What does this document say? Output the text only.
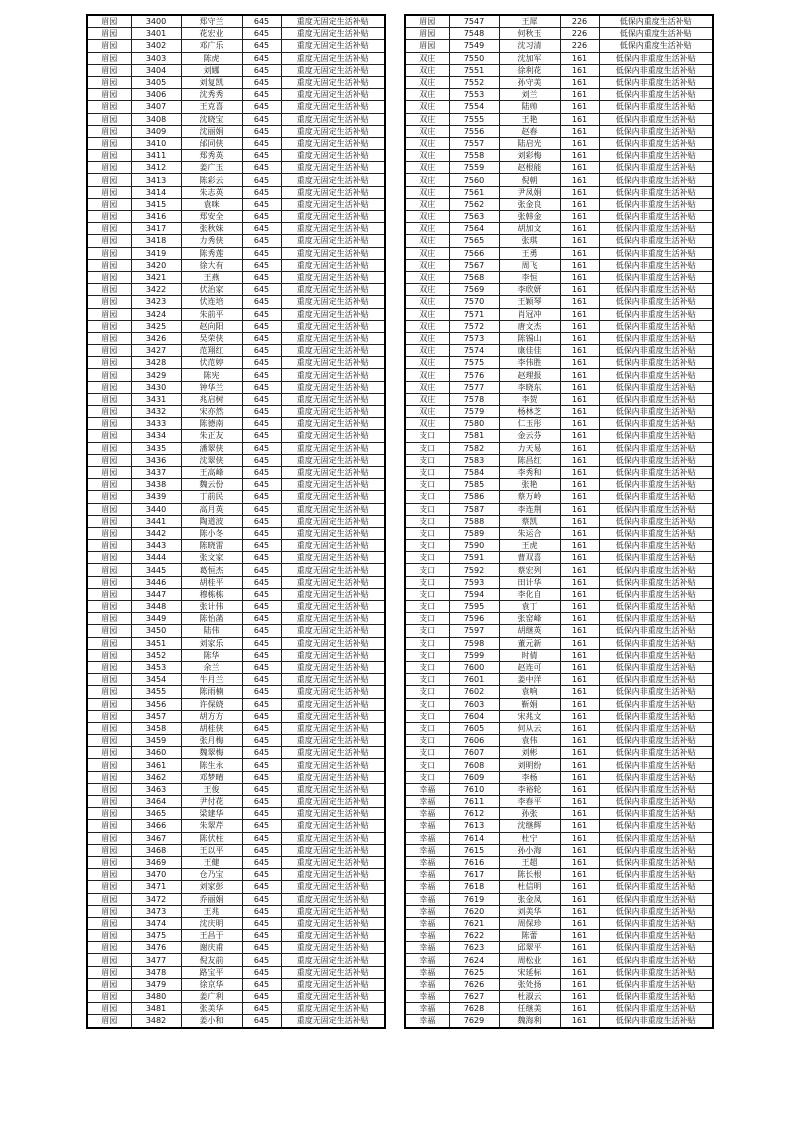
眉园	3400	郑守兰	645	重度无固定生活补贴
眉园	3401	花宏业	645	重度无固定生活补贴
眉园	3402	邓广乐	645	重度无固定生活补贴
眉园	3403	陈虎	645	重度无固定生活补贴
眉园	3404	刘娜	645	重度无固定生活补贴
眉园	3405	刘复凯	645	重度无固定生活补贴
眉园	3406	沈秀秀	645	重度无固定生活补贴
眉园	3407	王克喜	645	重度无固定生活补贴
眉园	3408	沈晓宝	645	重度无固定生活补贴
眉园	3409	沈丽娟	645	重度无固定生活补贴
眉园	3410	邰同侠	645	重度无固定生活补贴
眉园	3411	郑秀英	645	重度无固定生活补贴
眉园	3412	姜广玉	645	重度无固定生活补贴
眉园	3413	陈彩云	645	重度无固定生活补贴
眉园	3414	朱志英	645	重度无固定生活补贴
眉园	3415	袁咪	645	重度无固定生活补贴
眉园	3416	郑安全	645	重度无固定生活补贴
眉园	3417	张秋妹	645	重度无固定生活补贴
眉园	3418	力秀侠	645	重度无固定生活补贴
眉园	3419	陈秀莲	645	重度无固定生活补贴
眉园	3420	徐大有	645	重度无固定生活补贴
眉园	3421	王燕	645	重度无固定生活补贴
眉园	3422	伏治家	645	重度无固定生活补贴
眉园	3423	伏连培	645	重度无固定生活补贴
眉园	3424	朱前平	645	重度无固定生活补贴
眉园	3425	赵向阳	645	重度无固定生活补贴
眉园	3426	吴荣侠	645	重度无固定生活补贴
眉园	3427	范翔红	645	重度无固定生活补贴
眉园	3428	伏范婷	645	重度无固定生活补贴
眉园	3429	陈宪	645	重度无固定生活补贴
眉园	3430	钟华兰	645	重度无固定生活补贴
眉园	3431	兆启树	645	重度无固定生活补贴
眉园	3432	宋亦然	645	重度无固定生活补贴
眉园	3433	陈德南	645	重度无固定生活补贴
眉园	3434	朱正友	645	重度无固定生活补贴
眉园	3435	潘翠侠	645	重度无固定生活补贴
眉园	3436	沈翠侠	645	重度无固定生活补贴
眉园	3437	王高峰	645	重度无固定生活补贴
眉园	3438	魏云份	645	重度无固定生活补贴
眉园	3439	丁前民	645	重度无固定生活补贴
眉园	3440	高月英	645	重度无固定生活补贴
眉园	3441	陶道波	645	重度无固定生活补贴
眉园	3442	陈小冬	645	重度无固定生活补贴
眉园	3443	陈晓雷	645	重度无固定生活补贴
眉园	3444	张文家	645	重度无固定生活补贴
眉园	3445	葛恒杰	645	重度无固定生活补贴
眉园	3446	胡桂平	645	重度无固定生活补贴
眉园	3447	穆栋栋	645	重度无固定生活补贴
眉园	3448	张计伟	645	重度无固定生活补贴
眉园	3449	陈怡菡	645	重度无固定生活补贴
眉园	3450	陆伟	645	重度无固定生活补贴
眉园	3451	刘家乐	645	重度无固定生活补贴
眉园	3452	陈华	645	重度无固定生活补贴
眉园	3453	余兰	645	重度无固定生活补贴
眉园	3454	牛月兰	645	重度无固定生活补贴
眉园	3455	陈雨楠	645	重度无固定生活补贴
眉园	3456	许保娆	645	重度无固定生活补贴
眉园	3457	胡方方	645	重度无固定生活补贴
眉园	3458	胡桂侠	645	重度无固定生活补贴
眉园	3459	张月梅	645	重度无固定生活补贴
眉园	3460	魏翠梅	645	重度无固定生活补贴
眉园	3461	陈生永	645	重度无固定生活补贴
眉园	3462	邓梦晴	645	重度无固定生活补贴
眉园	3463	王俊	645	重度无固定生活补贴
眉园	3464	尹付花	645	重度无固定生活补贴
眉园	3465	梁建华	645	重度无固定生活补贴
眉园	3466	朱翠芹	645	重度无固定生活补贴
眉园	3467	陈伏柱	645	重度无固定生活补贴
眉园	3468	王以平	645	重度无固定生活补贴
眉园	3469	王健	645	重度无固定生活补贴
眉园	3470	仓乃宝	645	重度无固定生活补贴
眉园	3471	刘家彭	645	重度无固定生活补贴
眉园	3472	乔丽娟	645	重度无固定生活补贴
眉园	3473	王兆	645	重度无固定生活补贴
眉园	3474	沈庆明	645	重度无固定生活补贴
眉园	3475	王昌于	645	重度无固定生活补贴
眉园	3476	谢庆甫	645	重度无固定生活补贴
眉园	3477	倪友前	645	重度无固定生活补贴
眉园	3478	路宝平	645	重度无固定生活补贴
眉园	3479	徐京华	645	重度无固定生活补贴
眉园	3480	姜广利	645	重度无固定生活补贴
眉园	3481	张美华	645	重度无固定生活补贴
眉园	3482	姜小和	645	重度无固定生活补贴
眉园	7547	王犀	226	低保内重度生活补贴
眉园	7548	何秋玉	226	低保内重度生活补贴
眉园	7549	沈习清	226	低保内重度生活补贴
双庄	7550	沈加军	161	低保内非重度生活补贴
双庄	7551	徐利花	161	低保内非重度生活补贴
双庄	7552	孙守美	161	低保内非重度生活补贴
双庄	7553	刘兰	161	低保内非重度生活补贴
双庄	7554	陆帅	161	低保内非重度生活补贴
双庄	7555	王艳	161	低保内非重度生活补贴
双庄	7556	赵春	161	低保内非重度生活补贴
双庄	7557	陆启光	161	低保内非重度生活补贴
双庄	7558	刘彩梅	161	低保内非重度生活补贴
双庄	7559	赵根能	161	低保内非重度生活补贴
双庄	7560	倪朝	161	低保内非重度生活补贴
双庄	7561	尹凤娟	161	低保内非重度生活补贴
双庄	7562	张金良	161	低保内非重度生活补贴
双庄	7563	张韩金	161	低保内非重度生活补贴
双庄	7564	胡加文	161	低保内非重度生活补贴
双庄	7565	张琪	161	低保内非重度生活补贴
双庄	7566	王勇	161	低保内非重度生活补贴
双庄	7567	周飞	161	低保内非重度生活补贴
双庄	7568	李恒	161	低保内非重度生活补贴
双庄	7569	李欣妍	161	低保内非重度生活补贴
双庄	7570	王颖琴	161	低保内非重度生活补贴
双庄	7571	肖冠冲	161	低保内非重度生活补贴
双庄	7572	唐文杰	161	低保内非重度生活补贴
双庄	7573	陈锡山	161	低保内非重度生活补贴
双庄	7574	康佳佳	161	低保内非重度生活补贴
双庄	7575	李伟胜	161	低保内非重度生活补贴
双庄	7576	赵理报	161	低保内非重度生活补贴
双庄	7577	李晓东	161	低保内非重度生活补贴
双庄	7578	李贺	161	低保内非重度生活补贴
双庄	7579	杨林芝	161	低保内非重度生活补贴
双庄	7580	仁玉彤	161	低保内非重度生活补贴
支口	7581	金云芬	161	低保内非重度生活补贴
支口	7582	力天易	161	低保内非重度生活补贴
支口	7583	陈昌红	161	低保内非重度生活补贴
支口	7584	李秀和	161	低保内非重度生活补贴
支口	7585	张艳	161	低保内非重度生活补贴
支口	7586	蔡万岭	161	低保内非重度生活补贴
支口	7587	李连荆	161	低保内非重度生活补贴
支口	7588	蔡凯	161	低保内非重度生活补贴
支口	7589	朱运合	161	低保内非重度生活补贴
支口	7590	王虎	161	低保内非重度生活补贴
支口	7591	曹双喜	161	低保内非重度生活补贴
支口	7592	蔡宏列	161	低保内非重度生活补贴
支口	7593	田计华	161	低保内非重度生活补贴
支口	7594	李化自	161	低保内非重度生活补贴
支口	7595	袁丁	161	低保内非重度生活补贴
支口	7596	张窑峰	161	低保内非重度生活补贴
支口	7597	胡继英	161	低保内非重度生活补贴
支口	7598	董元新	161	低保内非重度生活补贴
支口	7599	时倩	161	低保内非重度生活补贴
支口	7600	赵连可	161	低保内非重度生活补贴
支口	7601	姜中洋	161	低保内非重度生活补贴
支口	7602	袁响	161	低保内非重度生活补贴
支口	7603	靳娟	161	低保内非重度生活补贴
支口	7604	宋兆文	161	低保内非重度生活补贴
支口	7605	何从云	161	低保内非重度生活补贴
支口	7606	袁伟	161	低保内非重度生活补贴
支口	7607	刘彬	161	低保内非重度生活补贴
支口	7608	刘明纷	161	低保内非重度生活补贴
支口	7609	李杨	161	低保内非重度生活补贴
幸福	7610	李裕轮	161	低保内非重度生活补贴
幸福	7611	李春平	161	低保内非重度生活补贴
幸福	7612	孙张	161	低保内非重度生活补贴
幸福	7613	沈继辉	161	低保内非重度生活补贴
幸福	7614	杜宁	161	低保内非重度生活补贴
幸福	7615	孙小海	161	低保内非重度生活补贴
幸福	7616	王超	161	低保内非重度生活补贴
幸福	7617	陈长根	161	低保内非重度生活补贴
幸福	7618	杜信明	161	低保内非重度生活补贴
幸福	7619	张金凤	161	低保内非重度生活补贴
幸福	7620	刘美华	161	低保内非重度生活补贴
幸福	7621	周保珍	161	低保内非重度生活补贴
幸福	7622	陈蕾	161	低保内非重度生活补贴
幸福	7623	邱翠平	161	低保内非重度生活补贴
幸福	7624	周松业	161	低保内非重度生活补贴
幸福	7625	宋延标	161	低保内非重度生活补贴
幸福	7626	张处扬	161	低保内非重度生活补贴
幸福	7627	杜淑云	161	低保内非重度生活补贴
幸福	7628	任继美	161	低保内非重度生活补贴
幸福	7629	魏海利	161	低保内非重度生活补贴
